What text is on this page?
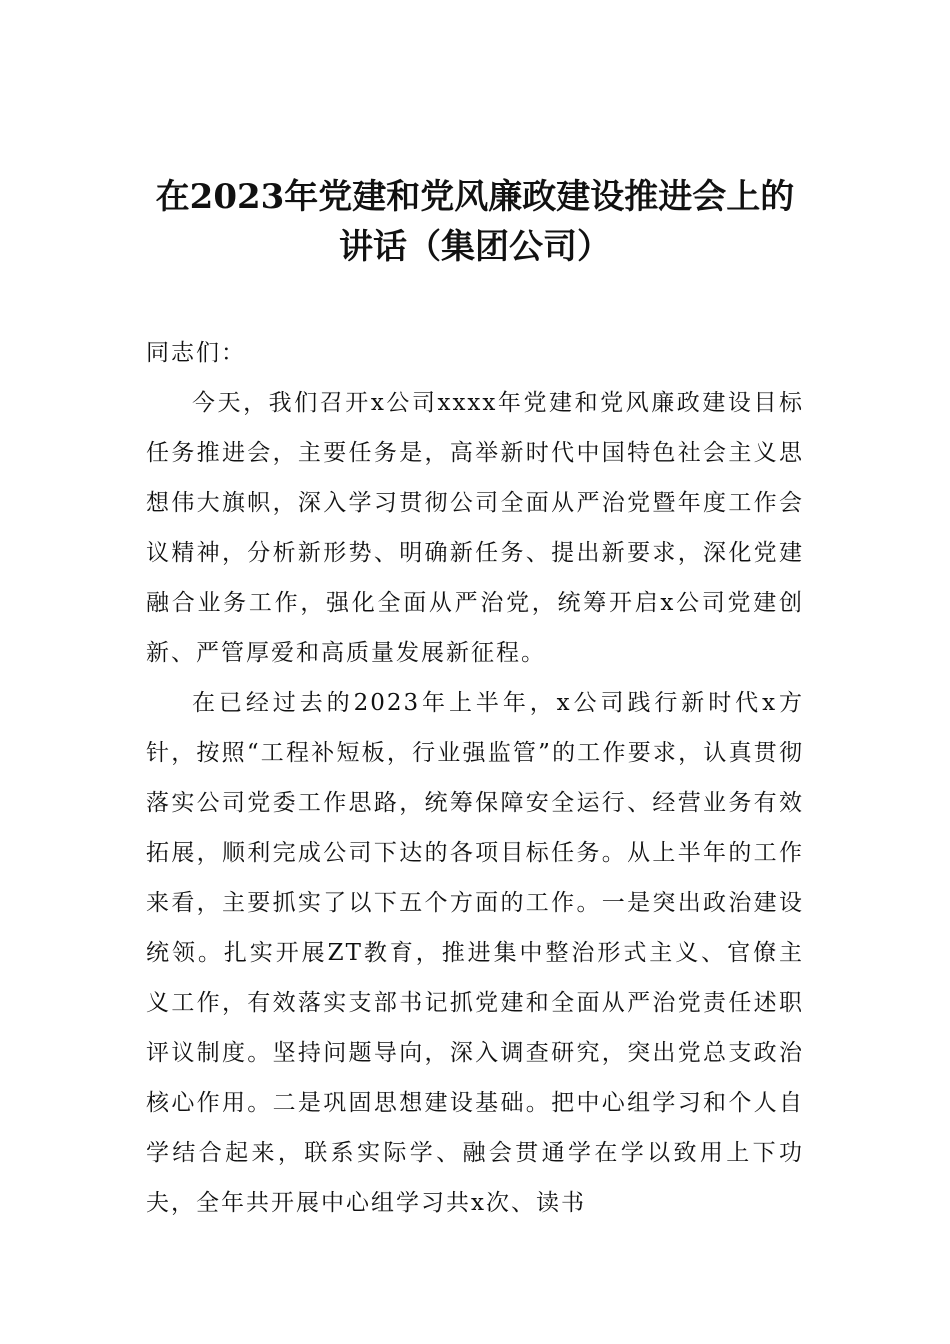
在2023年党建和党风廉政建设推进会上的
讲话（集团公司）

同志们：

今天，我们召开x公司xxxx年党建和党风廉政建设目标任务推进会，主要任务是，高举新时代中国特色社会主义思想伟大旗帜，深入学习贯彻公司全面从严治党暨年度工作会议精神，分析新形势、明确新任务、提出新要求，深化党建融合业务工作，强化全面从严治党，统筹开启x公司党建创新、严管厚爱和高质量发展新征程。

在已经过去的2023年上半年，x公司践行新时代x方针，按照“工程补短板，行业强监管”的工作要求，认真贯彻落实公司党委工作思路，统筹保障安全运行、经营业务有效拓展，顺利完成公司下达的各项目标任务。从上半年的工作来看，主要抓实了以下五个方面的工作。一是突出政治建设统领。扎实开展ZT教育，推进集中整治形式主义、官僚主义工作，有效落实支部书记抓党建和全面从严治党责任述职评议制度。坚持问题导向，深入调查研究，突出党总支政治核心作用。二是巩固思想建设基础。把中心组学习和个人自学结合起来，联系实际学、融会贯通学在学以致用上下功夫，全年共开展中心组学习共x次、读书
